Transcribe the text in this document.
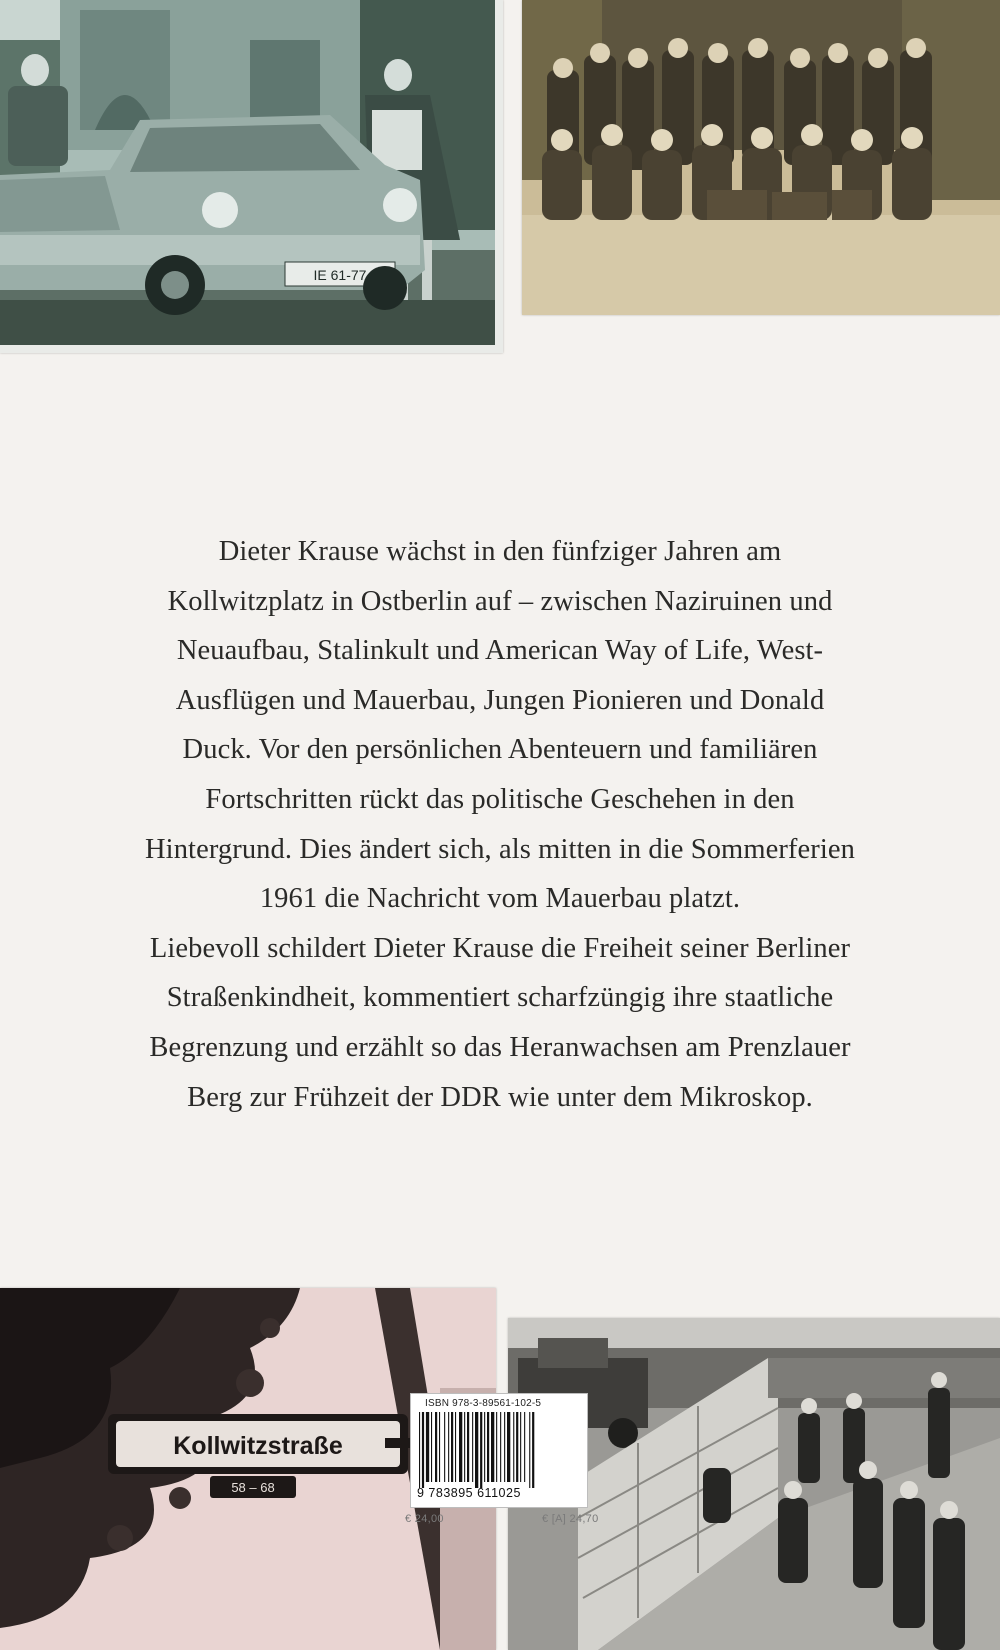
IE 61-77

Dieter Krause wächst in den fünfziger Jahren am
Kollwitzplatz in Ostberlin auf – zwischen Naziruinen und
Neuaufbau, Stalinkult und American Way of Life, West-
Ausflügen und Mauerbau, Jungen Pionieren und Donald
Duck. Vor den persönlichen Abenteuern und familiären
Fortschritten rückt das politische Geschehen in den
Hintergrund. Dies ändert sich, als mitten in die Sommerferien
1961 die Nachricht vom Mauerbau platzt.
Liebevoll schildert Dieter Krause die Freiheit seiner Berliner
Straßenkindheit, kommentiert scharfzüngig ihre staatliche
Begrenzung und erzählt so das Heranwachsen am Prenzlauer
Berg zur Frühzeit der DDR wie unter dem Mikroskop.

Kollwitzstraße
58 – 68
ISBN 978-3-89561-102-5
9 783895 611025
€ 24,00	€ [A] 24,70
